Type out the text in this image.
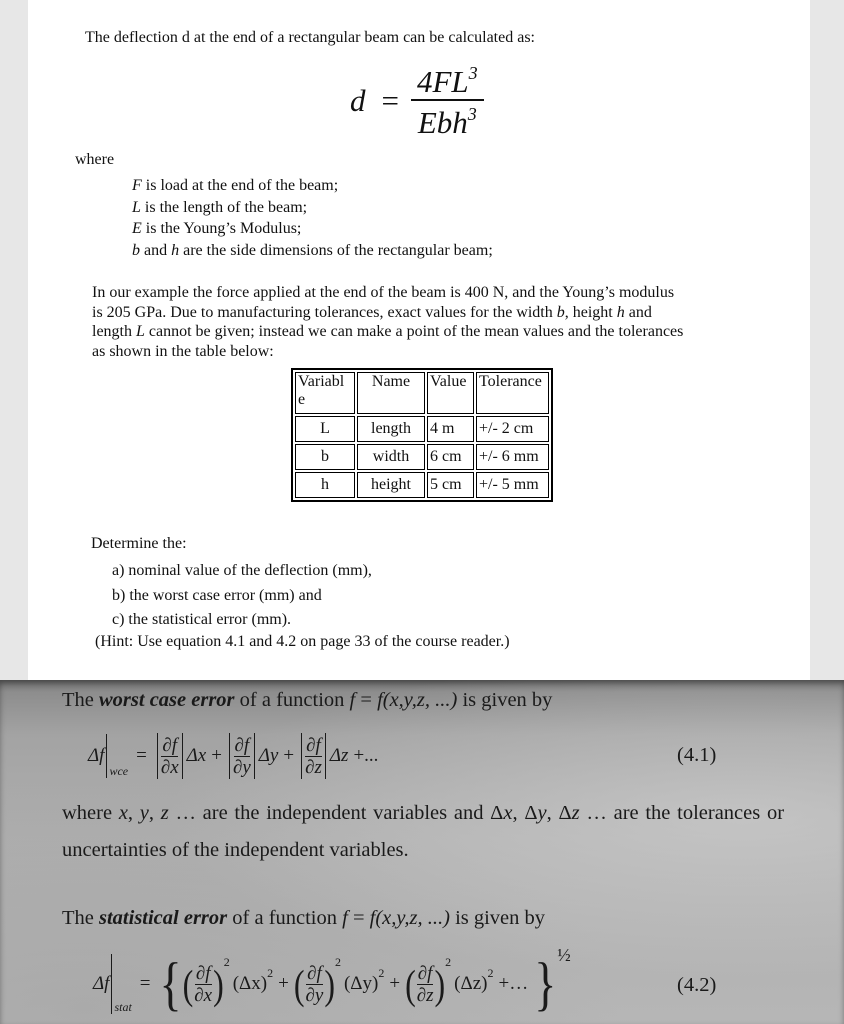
The deflection d at the end of a rectangular beam can be calculated as:
$d = \frac{4FL^3}{Ebh^3}$
where
F is load at the end of the beam;
L is the length of the beam;
E is the Young’s Modulus;
b and h are the side dimensions of the rectangular beam;
In our example the force applied at the end of the beam is 400 N, and the Young’s modulus
is 205 GPa. Due to manufacturing tolerances, exact values for the width b, height h and
length L cannot be given; instead we can make a point of the mean values and the tolerances
as shown in the table below:
Variable	Name	Value	Tolerance
L	length	4 m	+/- 2 cm
b	width	6 cm	+/- 6 mm
h	height	5 cm	+/- 5 mm
Determine the:
a) nominal value of the deflection (mm),
b) the worst case error (mm) and
c) the statistical error (mm).
(Hint: Use equation 4.1 and 4.2 on page 33 of the course reader.)
The worst case error of a function f = f(x,y,z, ...) is given by
Δf
wce
= $\frac{\partial f}{\partial x}$ $\Delta x + \frac{\partial f}{\partial y}$ $\Delta y + \frac{\partial f}{\partial z}$ Δz +...	(4.1)
where x, y, z … are the independent variables and Δx, Δy, Δz … are the tolerances or
uncertainties of the independent variables.
The statistical error of a function f = f(x,y,z, ...) is given by
Δf
stat
= { ( $\frac{\partial f}{\partial x}$ ) 2
(Δx) 2 + ( $\frac{\partial f}{\partial y}$ ) 2
(Δy) 2 + ( $\frac{\partial f}{\partial z}$ ) 2
(Δz) 2 +… } ½
(4.2)
